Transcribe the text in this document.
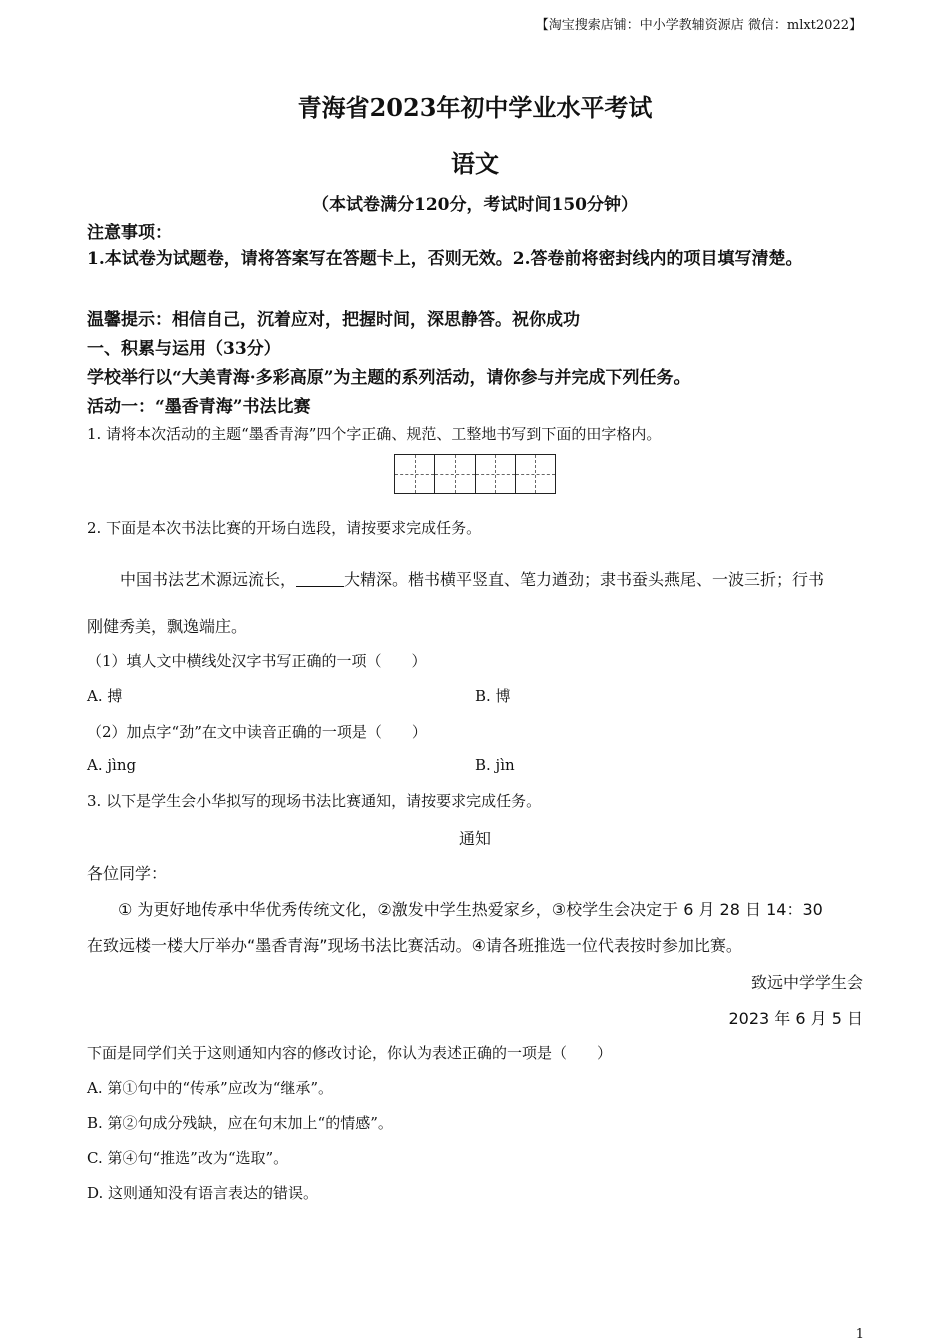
【淘宝搜索店铺：中小学教辅资源店 微信：mlxt2022】
青海省2023年初中学业水平考试
语文
（本试卷满分120分，考试时间150分钟）
注意事项：
1.本试卷为试题卷，请将答案写在答题卡上，否则无效。2.答卷前将密封线内的项目填写清楚。
温馨提示：相信自己，沉着应对，把握时间，深思静答。祝你成功
一、积累与运用（33分）
学校举行以“大美青海·多彩高原”为主题的系列活动，请你参与并完成下列任务。
活动一：“墨香青海”书法比赛
1. 请将本次活动的主题“墨香青海”四个字正确、规范、工整地书写到下面的田字格内。
2. 下面是本次书法比赛的开场白选段，请按要求完成任务。
中国书法艺术源远流长，	大精深。楷书横平竖直、笔力遒劲；隶书蚕头燕尾、一波三折；行书
刚健秀美，飘逸端庄。
（1）填人文中横线处汉字书写正确的一项（　　）
A. 搏	B. 博
（2）加点字“劲”在文中读音正确的一项是（　　）
A. jìng	B. jìn
3. 以下是学生会小华拟写的现场书法比赛通知，请按要求完成任务。
通知
各位同学：
① 为更好地传承中华优秀传统文化，②激发中学生热爱家乡，③校学生会决定于 6 月 28 日 14：30
在致远楼一楼大厅举办“墨香青海”现场书法比赛活动。④请各班推选一位代表按时参加比赛。
致远中学学生会
2023 年 6 月 5 日
下面是同学们关于这则通知内容的修改讨论，你认为表述正确的一项是（　　）
A. 第①句中的“传承”应改为“继承”。
B. 第②句成分残缺，应在句末加上“的情感”。
C. 第④句“推选”改为“选取”。
D. 这则通知没有语言表达的错误。
1
